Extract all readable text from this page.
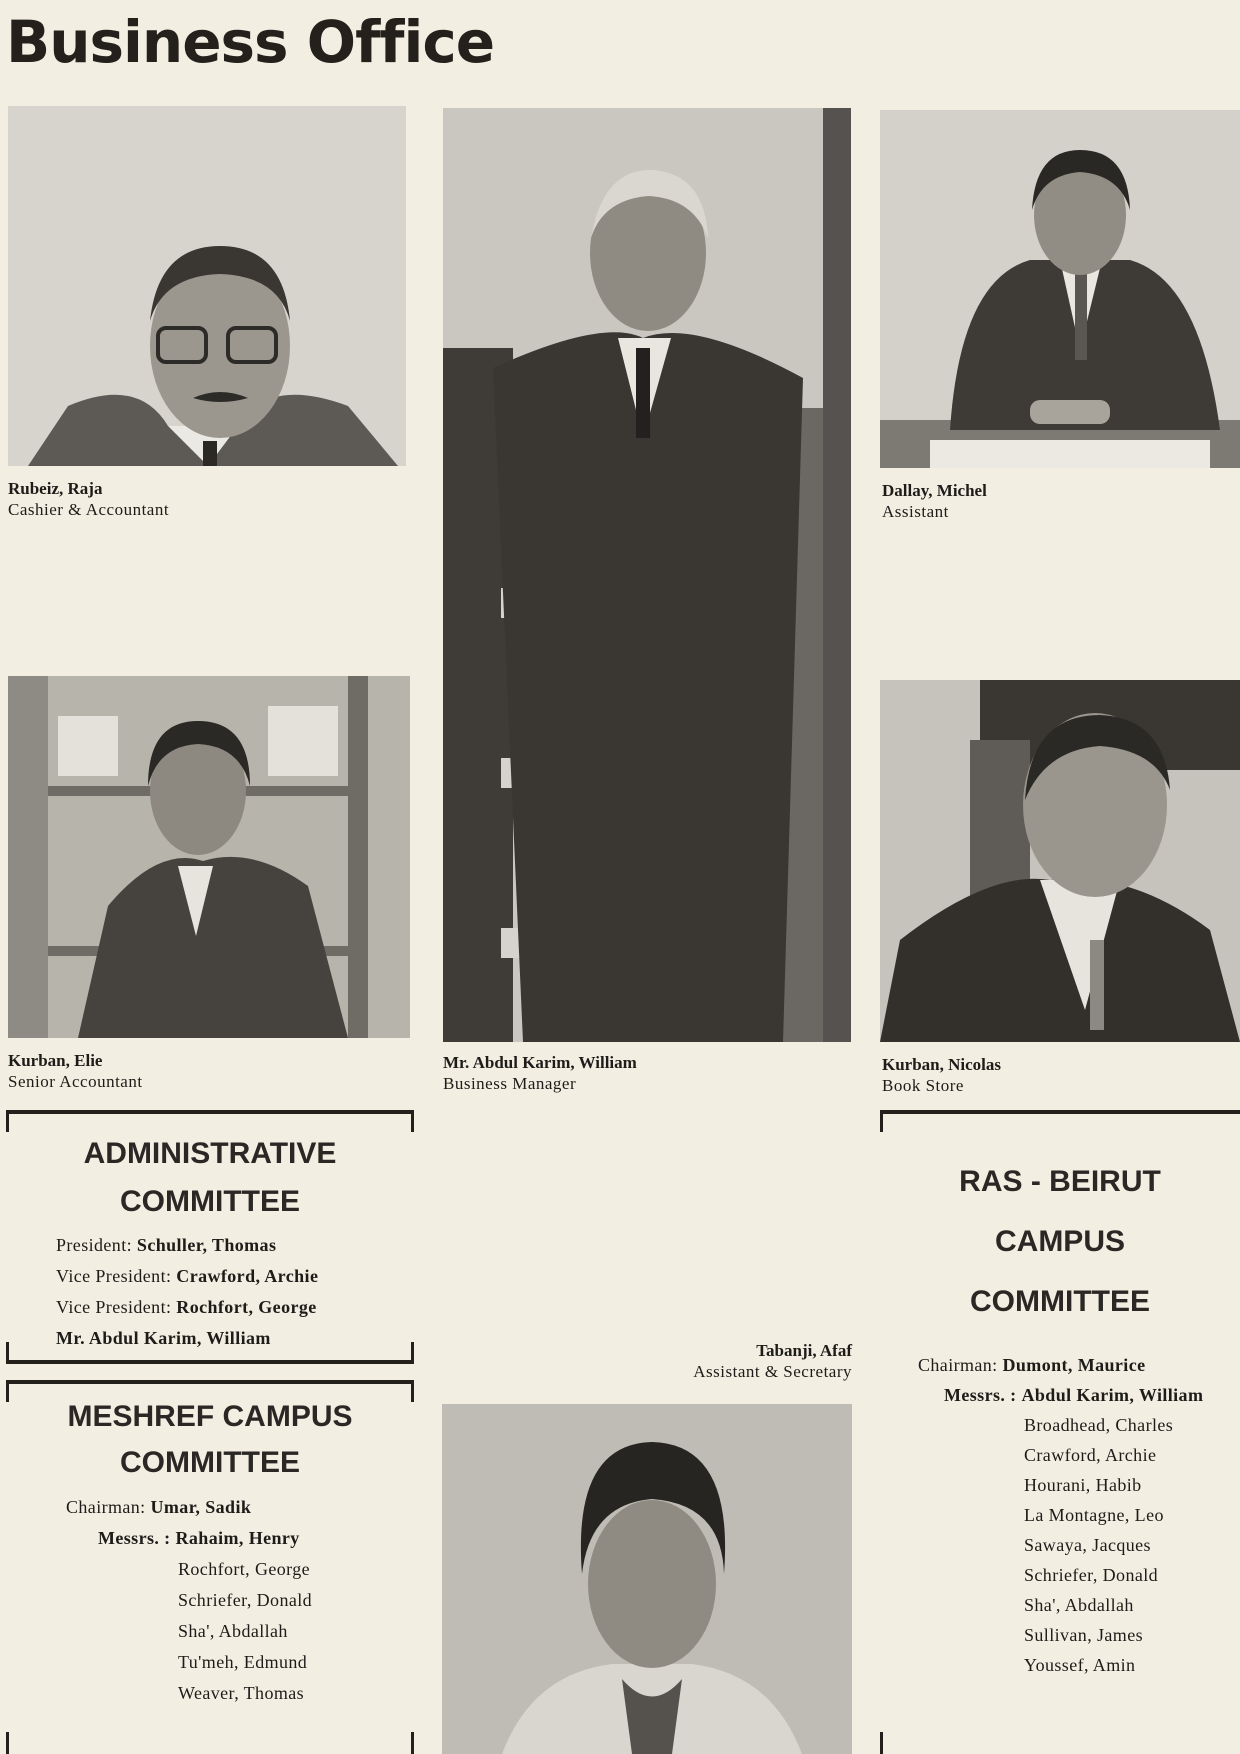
Business Office
Rubeiz, Raja
Cashier & Accountant
Mr. Abdul Karim, William
Business Manager
Dallay, Michel
Assistant
Kurban, Elie
Senior Accountant
Kurban, Nicolas
Book Store
Tabanji, Afaf
Assistant & Secretary

ADMINISTRATIVE

COMMITTEE

President: Schuller, Thomas
Vice President: Crawford, Archie
Vice President: Rochfort, George
Mr. Abdul Karim, William

MESHREF CAMPUS

COMMITTEE

Chairman: Umar, Sadik
Messrs. : Rahaim, Henry
Rochfort, George
Schriefer, Donald
Sha', Abdallah
Tu'meh, Edmund
Weaver, Thomas

RAS - BEIRUT

CAMPUS

COMMITTEE

Chairman: Dumont, Maurice
Messrs. : Abdul Karim, William
Broadhead, Charles
Crawford, Archie
Hourani, Habib
La Montagne, Leo
Sawaya, Jacques
Schriefer, Donald
Sha', Abdallah
Sullivan, James
Youssef, Amin
